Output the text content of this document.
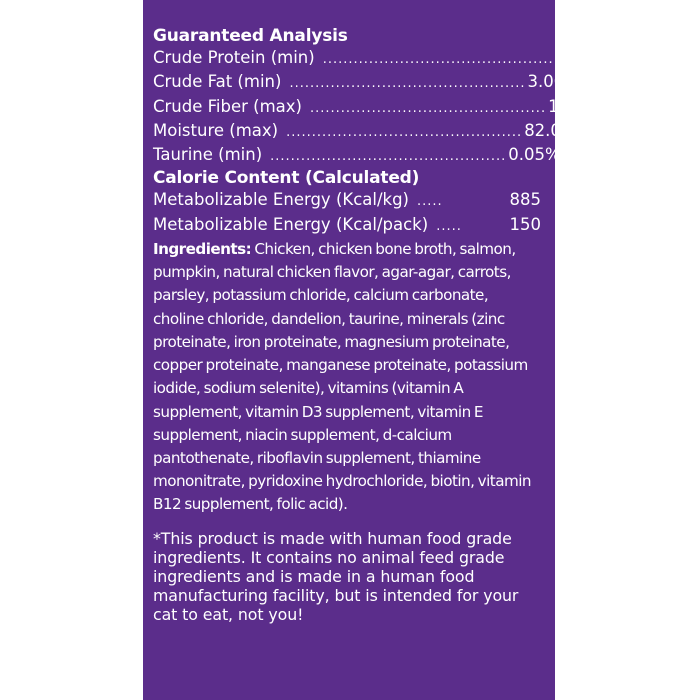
Guaranteed Analysis
Crude Protein (min) .............................................. 9.00%
Crude Fat (min) .............................................. 3.00%
Crude Fiber (max) .............................................. 1.50%
Moisture (max) .............................................. 82.0%
Taurine (min) .............................................. 0.05%
Calorie Content (Calculated)
Metabolizable Energy (Kcal/kg) .....	885
Metabolizable Energy (Kcal/pack) .....	150
Ingredients: Chicken, chicken bone broth, salmon, pumpkin, natural chicken flavor, agar-agar, carrots, parsley, potassium chloride, calcium carbonate, choline chloride, dandelion, taurine, minerals (zinc proteinate, iron proteinate, magnesium proteinate, copper proteinate, manganese proteinate, potassium iodide, sodium selenite), vitamins (vitamin A supplement, vitamin D3 supplement, vitamin E supplement, niacin supplement, d-calcium pantothenate, riboflavin supplement, thiamine mononitrate, pyridoxine hydrochloride, biotin, vitamin B12 supplement, folic acid).
*This product is made with human food grade ingredients. It contains no animal feed grade ingredients and is made in a human food manufacturing facility, but is intended for your cat to eat, not you!
